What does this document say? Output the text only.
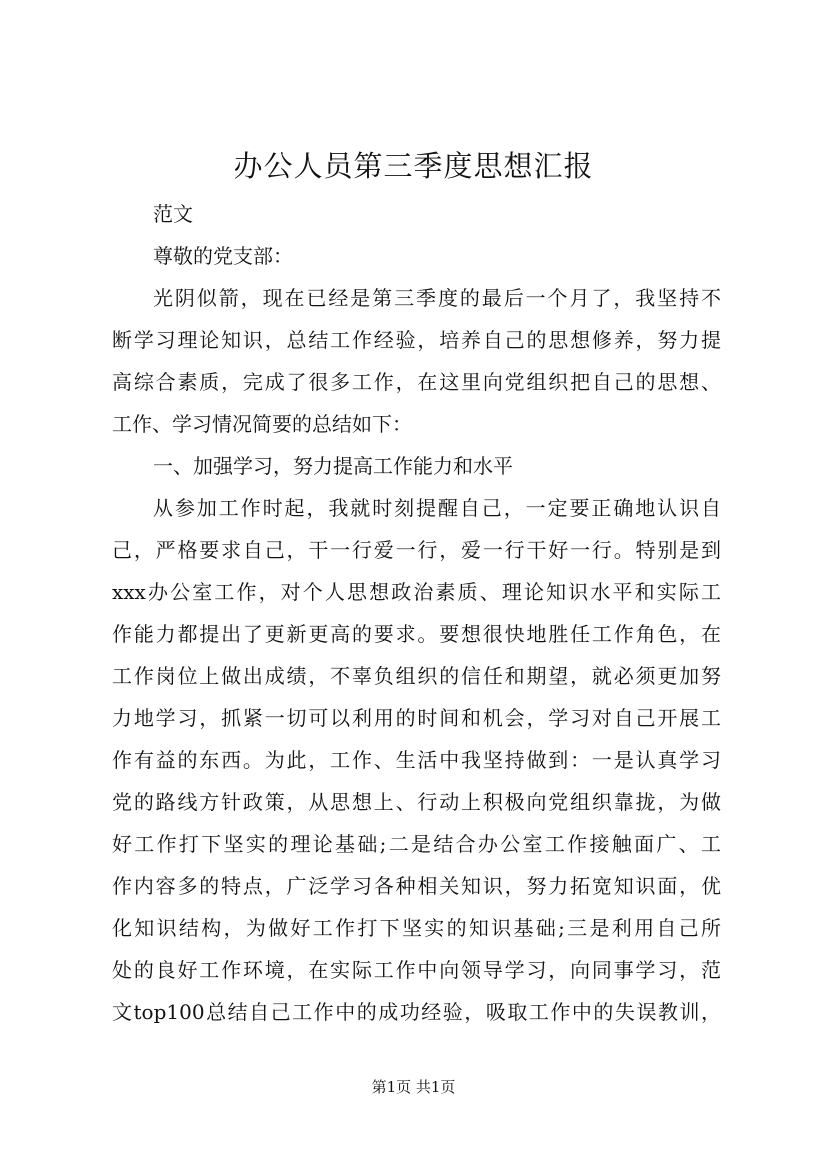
办公人员第三季度思想汇报

范文

尊敬的党支部：

光阴似箭，现在已经是第三季度的最后一个月了，我坚持不

断学习理论知识，总结工作经验，培养自己的思想修养，努力提

高综合素质，完成了很多工作，在这里向党组织把自己的思想、

工作、学习情况简要的总结如下：

一、加强学习，努力提高工作能力和水平

从参加工作时起，我就时刻提醒自己，一定要正确地认识自

己，严格要求自己，干一行爱一行，爱一行干好一行。特别是到

xxx办公室工作，对个人思想政治素质、理论知识水平和实际工

作能力都提出了更新更高的要求。要想很快地胜任工作角色，在

工作岗位上做出成绩，不辜负组织的信任和期望，就必须更加努

力地学习，抓紧一切可以利用的时间和机会，学习对自己开展工

作有益的东西。为此，工作、生活中我坚持做到：一是认真学习

党的路线方针政策，从思想上、行动上积极向党组织靠拢，为做

好工作打下坚实的理论基础;二是结合办公室工作接触面广、工

作内容多的特点，广泛学习各种相关知识，努力拓宽知识面，优

化知识结构，为做好工作打下坚实的知识基础;三是利用自己所

处的良好工作环境，在实际工作中向领导学习，向同事学习，范

文top100总结自己工作中的成功经验，吸取工作中的失误教训，

第1页 共1页
